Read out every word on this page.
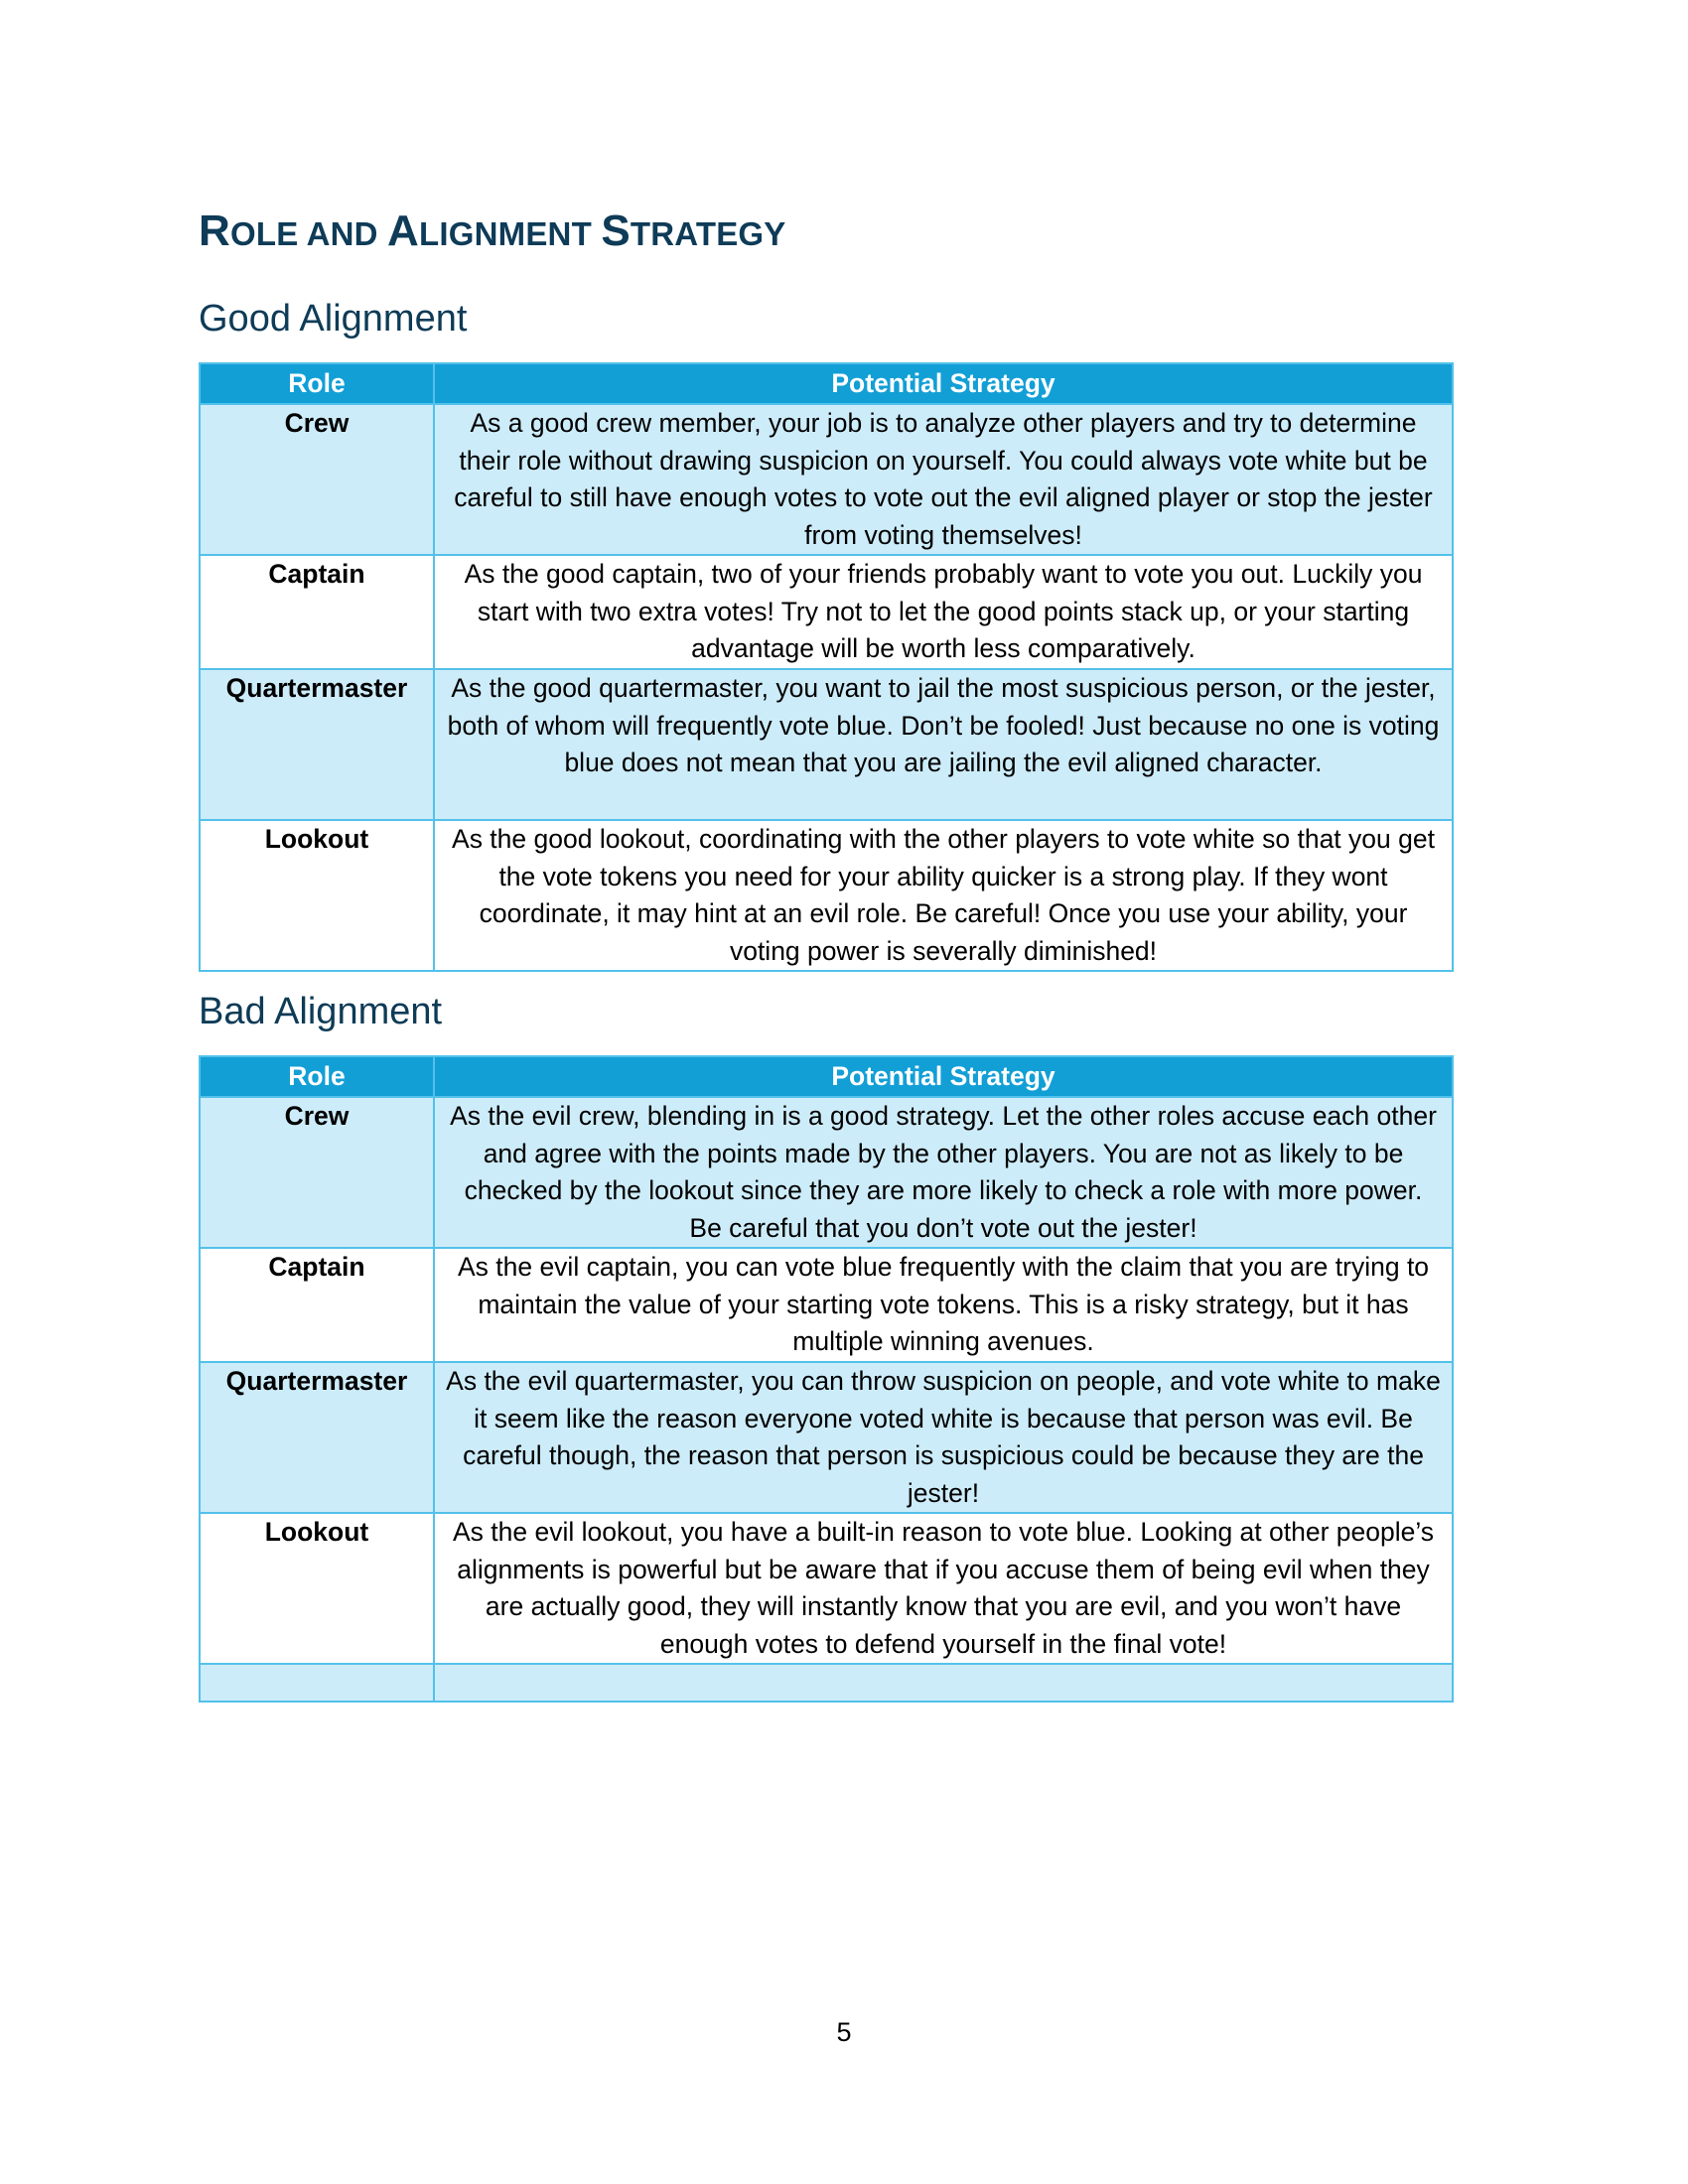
ROLE AND ALIGNMENT STRATEGY
Good Alignment
Role	Potential Strategy
Crew	As a good crew member, your job is to analyze other players and try to determine their role without drawing suspicion on yourself. You could always vote white but be careful to still have enough votes to vote out the evil aligned player or stop the jester from voting themselves!
Captain	As the good captain, two of your friends probably want to vote you out. Luckily you start with two extra votes! Try not to let the good points stack up, or your starting advantage will be worth less comparatively.
Quartermaster	As the good quartermaster, you want to jail the most suspicious person, or the jester, both of whom will frequently vote blue. Don’t be fooled! Just because no one is voting blue does not mean that you are jailing the evil aligned character.
Lookout	As the good lookout, coordinating with the other players to vote white so that you get the vote tokens you need for your ability quicker is a strong play. If they wont coordinate, it may hint at an evil role. Be careful! Once you use your ability, your voting power is severally diminished!
Bad Alignment
Role	Potential Strategy
Crew	As the evil crew, blending in is a good strategy. Let the other roles accuse each other and agree with the points made by the other players. You are not as likely to be checked by the lookout since they are more likely to check a role with more power. Be careful that you don’t vote out the jester!
Captain	As the evil captain, you can vote blue frequently with the claim that you are trying to maintain the value of your starting vote tokens. This is a risky strategy, but it has multiple winning avenues.
Quartermaster	As the evil quartermaster, you can throw suspicion on people, and vote white to make it seem like the reason everyone voted white is because that person was evil. Be careful though, the reason that person is suspicious could be because they are the jester!
Lookout	As the evil lookout, you have a built-in reason to vote blue. Looking at other people’s alignments is powerful but be aware that if you accuse them of being evil when they are actually good, they will instantly know that you are evil, and you won’t have enough votes to defend yourself in the final vote!

5
